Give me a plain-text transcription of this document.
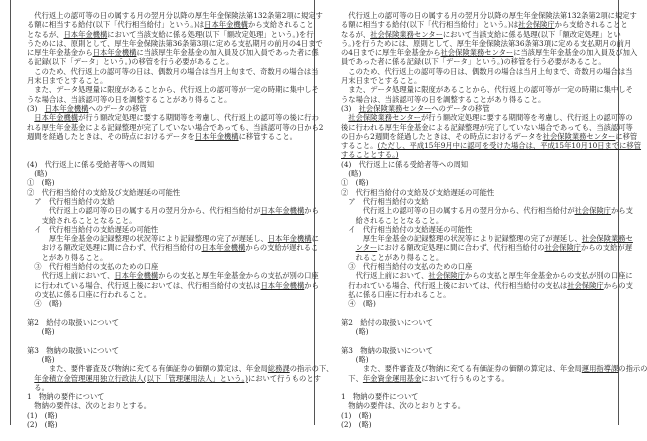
　代行返上の認可等の日の属する月の翌月分以降の厚生年金保険法第132条第2項に規定す
る額に相当する給付(以下「代行相当給付」という。)は日本年金機構から支給されること
となるが、日本年金機構において当該支給に係る処理(以下「額改定処理」という。)を行
うためには、原則として、厚生年金保険法第36条第3項に定める支払期月の前月の4日まで
に厚生年金基金から日本年金機構に当該厚生年金基金の加入員及び加入員であった者に係
る記録(以下「データ」という。)の移管を行う必要があること。
　このため、代行返上の認可等の日は、偶数月の場合は当月上旬まで、奇数月の場合は当
月末日までとすること。
　また、データ処理量に限度があることから、代行返上の認可等が一定の時期に集中しそ
うな場合は、当該認可等の日を調整することがあり得ること。
(3)　日本年金機構へのデータの移管
　日本年金機構が行う額改定処理に要する期間等を考慮し、代行返上の認可等の後に行わ
れる厚生年金基金による記録整理が完了していない場合であっても、当該認可等の日から2
週間を経過したときは、その時点におけるデータを日本年金機構に移管すること。
(4)　代行返上に係る受給者等への周知
　(略)
①　(略)
②　代行相当給付の支給及び支給遅延の可能性
　ア　代行相当給付の支給
　　　代行返上の認可等の日の属する月の翌月分から、代行相当給付が日本年金機構から
　　支給されることとなること。
　イ　代行相当給付の支給遅延の可能性
　　　厚生年金基金の記録整理の状況等により記録整理の完了が遅延し、日本年金機構に
　　おける額改定処理に間に合わず、代行相当給付の日本年金機構からの支給が遅れるこ
　　とがあり得ること。
　③　代行相当給付の支払のための口座
　　代行返上前において、日本年金機構からの支払と厚生年金基金からの支払が別の口座
　に行われている場合、代行返上後においては、代行相当給付の支払は日本年金機構から
　の支払に係る口座に行われること。
　④　(略)
第2　給付の取扱いについて
　　(略)
第3　物納の取扱いについて
　　(略)
　　　また、要件審査及び物納に充てる有価証券の価額の算定は、年金局総務課の指示の下、
　年金積立金管理運用独立行政法人(以下「管理運用法人」という。)において行うものとす
　る。
1　物納の要件について
　物納の要件は、次のとおりとする。
(1)　(略)
(2)　(略)
　代行返上の認可等の日の属する月の翌月分以降の厚生年金保険法第132条第2項に規定す
る額に相当する給付(以下「代行相当給付」という。)は社会保険庁から支給されることと
なるが、社会保険業務センターにおいて当該支給に係る処理(以下「額改定処理」とい
う。)を行うためには、原則として、厚生年金保険法第36条第3項に定める支払期月の前月
の4日までに厚生年金基金から社会保険業務センターに当該厚生年金基金の加入員及び加入
員であった者に係る記録(以下「データ」という。)の移管を行う必要があること。
　このため、代行返上の認可等の日は、偶数月の場合は当月上旬まで、奇数月の場合は当
月末日までとすること。
　また、データ処理量に限度があることから、代行返上の認可等が一定の時期に集中しそ
うな場合は、当該認可等の日を調整することがあり得ること。
(3)　社会保険業務センターへのデータの移管
　社会保険業務センターが行う額改定処理に要する期間等を考慮し、代行返上の認可等の
後に行われる厚生年金基金による記録整理が完了していない場合であっても、当該認可等
の日から2週間を経過したときは、その時点におけるデータを社会保険業務センターに移管
すること。(ただし、平成15年9月中に認可を受けた場合は、平成15年10月10日までに移管
することとする。)
(4)　代行返上に係る受給者等への周知
　(略)
①　(略)
②　代行相当給付の支給及び支給遅延の可能性
　ア　代行相当給付の支給
　　　代行返上の認可等の日の属する月の翌月分から、代行相当給付が社会保険庁から支
　　給されることとなること。
　イ　代行相当給付の支給遅延の可能性
　　　厚生年金基金の記録整理の状況等により記録整理の完了が遅延し、社会保険業務セ
　　ンターにおける額改定処理に間に合わず、代行相当給付の社会保険庁からの支給が遅
　　れることがあり得ること。
　③　代行相当給付の支払のための口座
　　代行返上前において、社会保険庁からの支払と厚生年金基金からの支払が別の口座に
　行われている場合、代行返上後においては、代行相当給付の支払は社会保険庁からの支
　払に係る口座に行われること。
　④　(略)
第2　給付の取扱いについて
　　(略)
第3　物納の取扱いについて
　　(略)
　　　また、要件審査及び物納に充てる有価証券の価額の算定は、年金局運用指導課の指示の
　下、年金資金運用基金において行うものとする。
1　物納の要件について
　物納の要件は、次のとおりとする。
(1)　(略)
(2)　(略)
